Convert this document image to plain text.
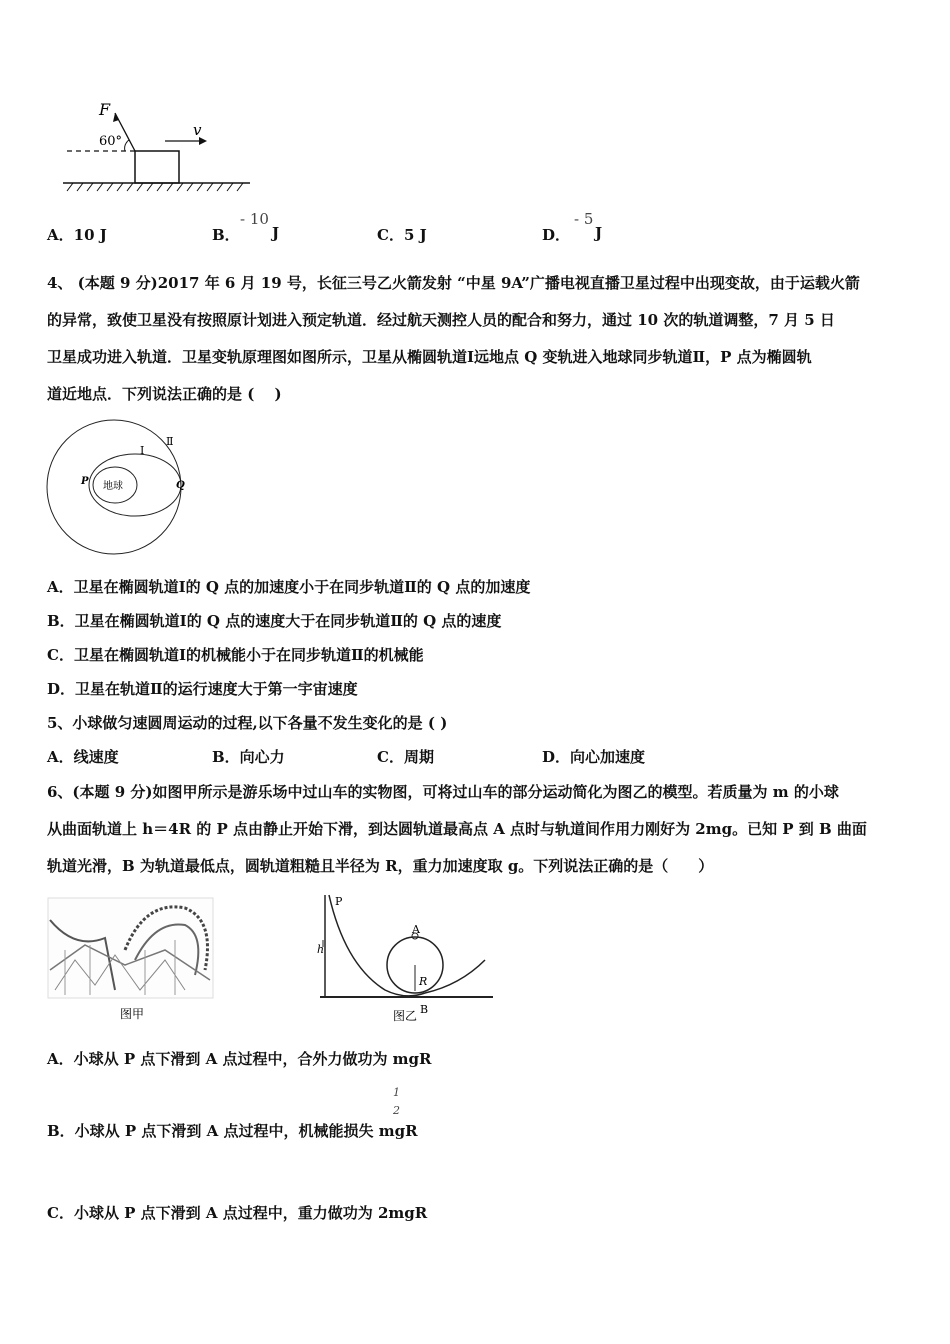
F
60°
v
A．10 J	B．
- 10
J	C．5 J	D．
- 5
J
4、 (本题 9 分)2017 年 6 月 19 号，长征三号乙火箭发射 “中星 9A”广播电视直播卫星过程中出现变故，由于运载火箭
的异常，致使卫星没有按照原计划进入预定轨道．经过航天测控人员的配合和努力，通过 10 次的轨道调整，7 月 5 日
卫星成功进入轨道．卫星变轨原理图如图所示，卫星从椭圆轨道Ⅰ远地点 Q 变轨进入地球同步轨道Ⅱ，P 点为椭圆轨
道近地点．下列说法正确的是 (　 )
地球
P	Q
Ⅰ
Ⅱ
A．卫星在椭圆轨道Ⅰ的 Q 点的加速度小于在同步轨道Ⅱ的 Q 点的加速度
B．卫星在椭圆轨道Ⅰ的 Q 点的速度大于在同步轨道Ⅱ的 Q 点的速度
C．卫星在椭圆轨道Ⅰ的机械能小于在同步轨道Ⅱ的机械能
D．卫星在轨道Ⅱ的运行速度大于第一宇宙速度
5、小球做匀速圆周运动的过程,以下各量不发生变化的是 ( )
A．线速度	B．向心力	C．周期	D．向心加速度
6、(本题 9 分)如图甲所示是游乐场中过山车的实物图，可将过山车的部分运动简化为图乙的模型。若质量为 m 的小球
从曲面轨道上 h＝4R 的 P 点由静止开始下滑，到达圆轨道最高点 A 点时与轨道间作用力刚好为 2mg。已知 P 到 B 曲面
轨道光滑，B 为轨道最低点，圆轨道粗糙且半径为 R，重力加速度取 g。下列说法正确的是（　　）
图甲
P
h
A
R
B
图乙
A．小球从 P 点下滑到 A 点过程中，合外力做功为 mgR
1
2
B．小球从 P 点下滑到 A 点过程中，机械能损失 mgR
C．小球从 P 点下滑到 A 点过程中，重力做功为 2mgR
